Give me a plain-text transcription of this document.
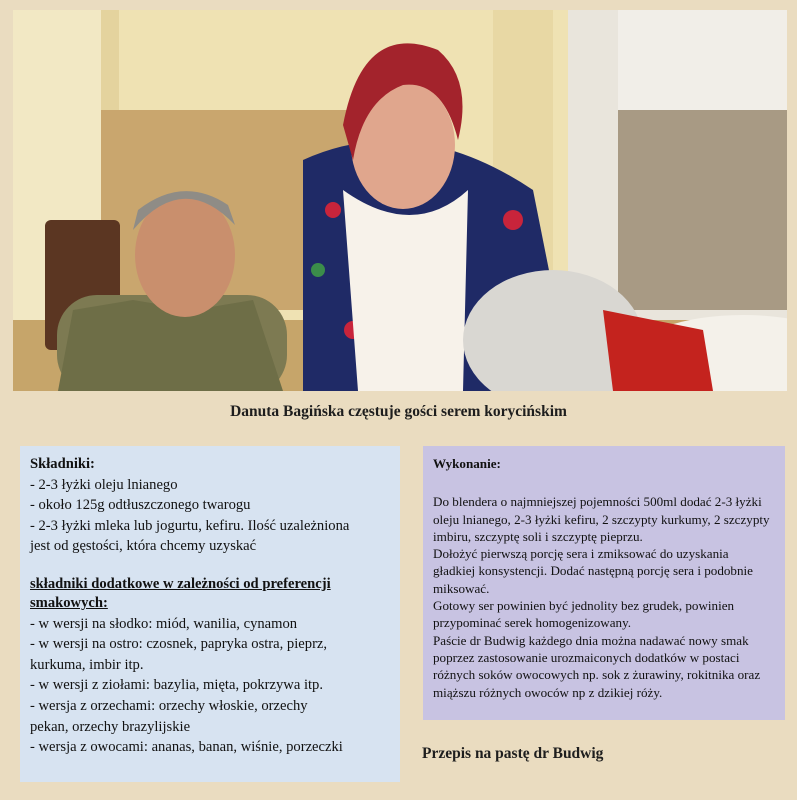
Danuta Bagińska częstuje gości serem korycińskim
Składniki:
- 2-3 łyżki oleju lnianego
- około 125g odtłuszczonego twarogu
- 2-3 łyżki mleka lub jogurtu, kefiru. Ilość uzależniona
jest od gęstości, która chcemy uzyskać
składniki dodatkowe w zależności od preferencji smakowych:
- w wersji na słodko: miód, wanilia, cynamon
- w wersji na ostro: czosnek, papryka ostra, pieprz,
kurkuma, imbir itp.
- w wersji z ziołami: bazylia, mięta, pokrzywa itp.
- wersja z orzechami: orzechy włoskie, orzechy
pekan, orzechy brazylijskie
- wersja z owocami: ananas, banan, wiśnie, porzeczki
Wykonanie:

Do blendera o najmniejszej pojemności 500ml dodać 2-3 łyżki oleju lnianego, 2-3 łyżki kefiru, 2 szczypty kurkumy, 2 szczypty imbiru, szczyptę soli i szczyptę pieprzu.

Dołożyć pierwszą porcję sera i zmiksować do uzyskania gładkiej konsystencji. Dodać następną porcję sera i podobnie miksować.

Gotowy ser powinien być jednolity bez grudek, powinien przypominać serek homogenizowany.

Paście dr Budwig każdego dnia można nadawać nowy smak poprzez zastosowanie urozmaiconych dodatków w postaci różnych soków owocowych np. sok z żurawiny, rokitnika oraz miąższu różnych owoców np z dzikiej róży.

Przepis na pastę dr Budwig
